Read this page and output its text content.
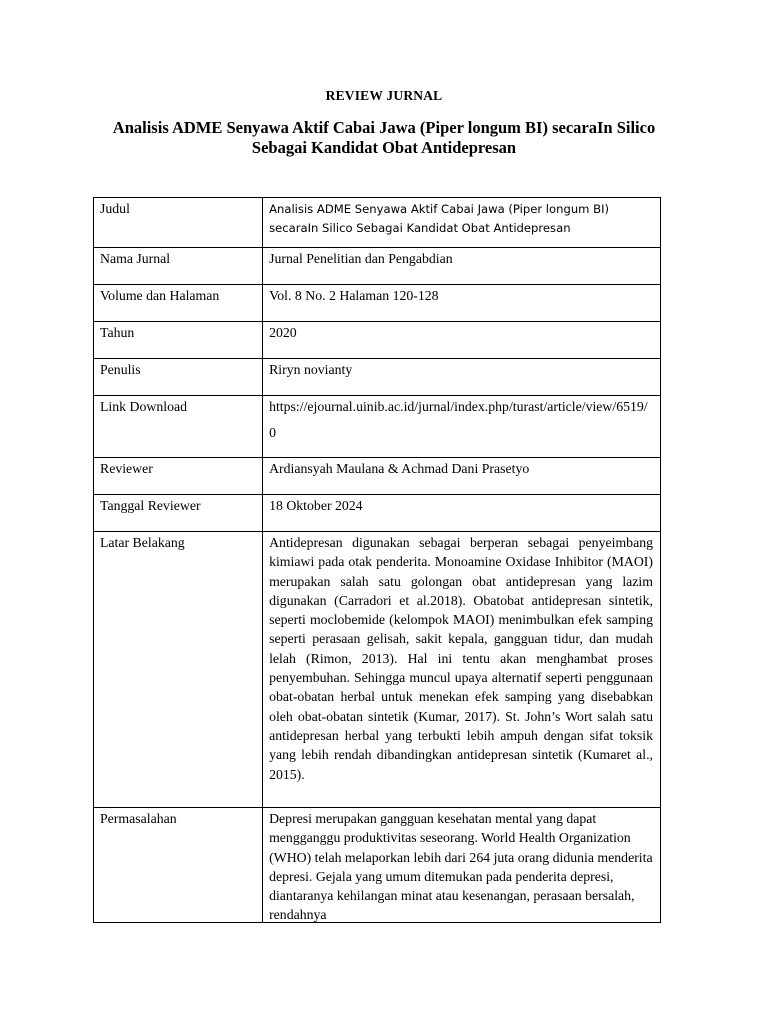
REVIEW JURNAL
Analisis ADME Senyawa Aktif Cabai Jawa (Piper longum BI) secaraIn Silico Sebagai Kandidat Obat Antidepresan
Judul	Analisis ADME Senyawa Aktif Cabai Jawa (Piper longum BI) secaraIn Silico Sebagai Kandidat Obat Antidepresan

Nama Jurnal	Jurnal Penelitian dan Pengabdian

Volume dan Halaman	Vol. 8 No. 2 Halaman 120-128

Tahun	2020

Penulis	Riryn novianty

Link Download	https://ejournal.uinib.ac.id/jurnal/index.php/turast/article/view/6519/0

Reviewer	Ardiansyah Maulana & Achmad Dani Prasetyo

Tanggal Reviewer	18 Oktober 2024

Latar Belakang	Antidepresan digunakan sebagai berperan sebagai penyeimbang kimiawi pada otak penderita. Monoamine Oxidase Inhibitor (MAOI) merupakan salah satu golongan obat antidepresan yang lazim digunakan (Carradori et al.2018). Obatobat antidepresan sintetik, seperti moclobemide (kelompok MAOI) menimbulkan efek samping seperti perasaan gelisah, sakit kepala, gangguan tidur, dan mudah lelah (Rimon, 2013). Hal ini tentu akan menghambat proses penyembuhan. Sehingga muncul upaya alternatif seperti penggunaan obat-obatan herbal untuk menekan efek samping yang disebabkan oleh obat-obatan sintetik (Kumar, 2017). St. John’s Wort salah satu antidepresan herbal yang terbukti lebih ampuh dengan sifat toksik yang lebih rendah dibandingkan antidepresan sintetik (Kumaret al., 2015).

Permasalahan	Depresi merupakan gangguan kesehatan mental yang dapat mengganggu produktivitas seseorang. World Health Organization (WHO) telah melaporkan lebih dari 264 juta orang didunia menderita depresi. Gejala yang umum ditemukan pada penderita depresi, diantaranya kehilangan minat atau kesenangan, perasaan bersalah, rendahnya
